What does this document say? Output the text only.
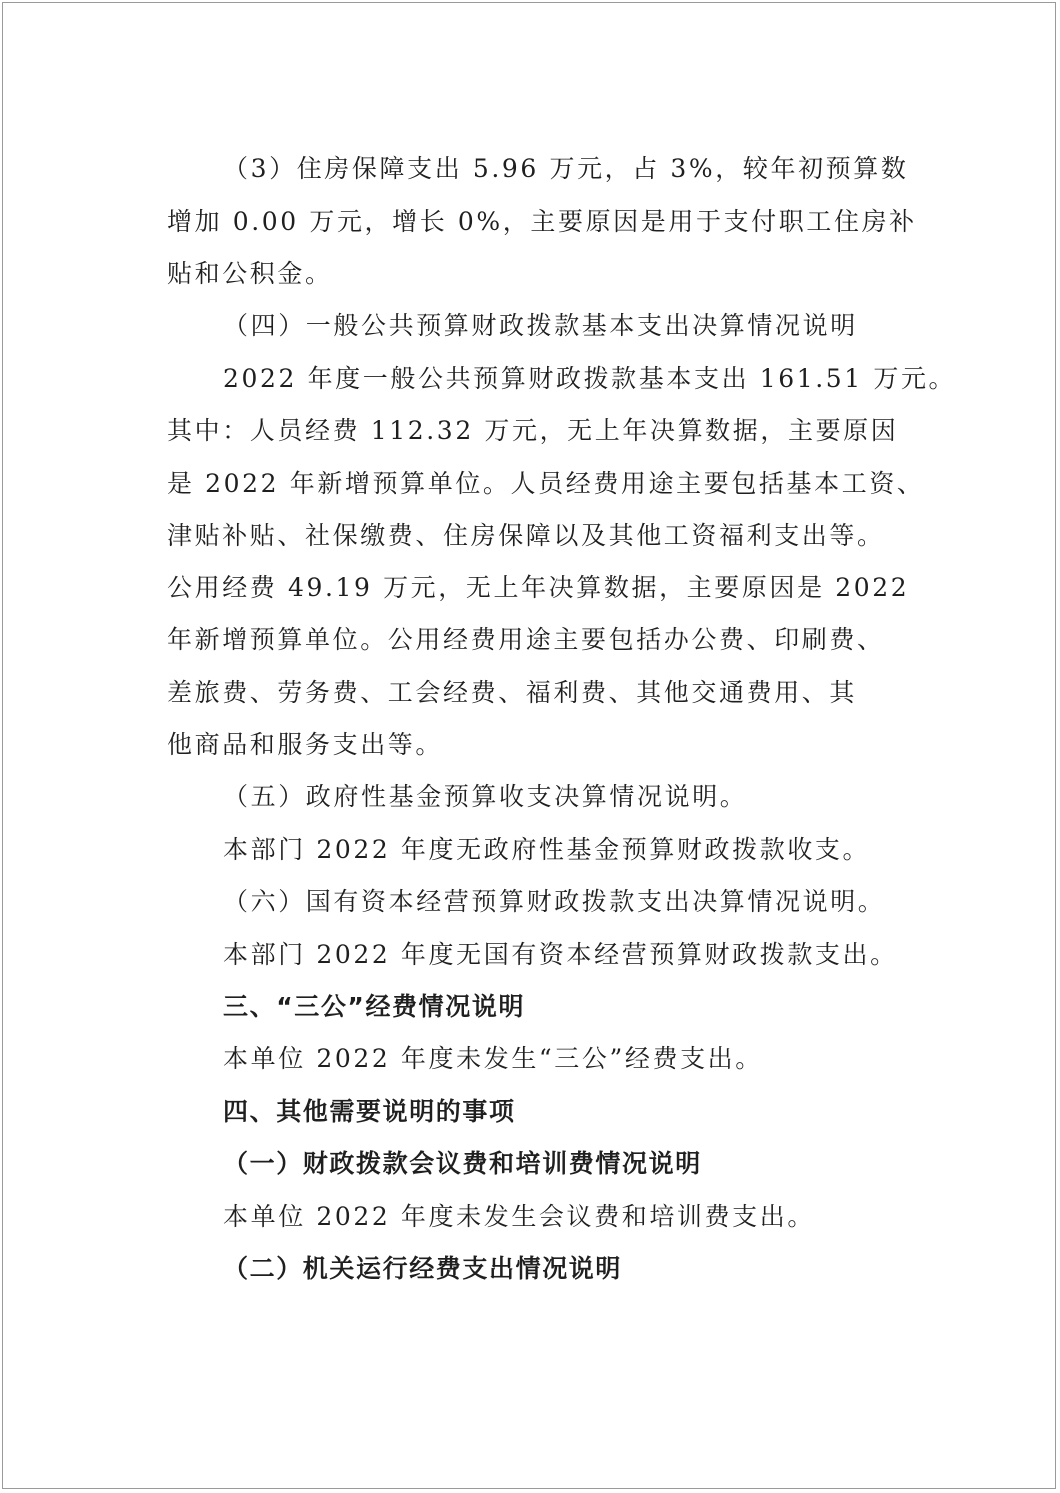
（3）住房保障支出 5.96 万元，占 3%，较年初预算数
增加 0.00 万元，增长 0%，主要原因是用于支付职工住房补
贴和公积金。
（四）一般公共预算财政拨款基本支出决算情况说明
2022 年度一般公共预算财政拨款基本支出 161.51 万元。
其中：人员经费 112.32 万元，无上年决算数据，主要原因
是 2022 年新增预算单位。人员经费用途主要包括基本工资、
津贴补贴、社保缴费、住房保障以及其他工资福利支出等。
公用经费 49.19 万元，无上年决算数据，主要原因是 2022
年新增预算单位。公用经费用途主要包括办公费、印刷费、
差旅费、劳务费、工会经费、福利费、其他交通费用、其
他商品和服务支出等。
（五）政府性基金预算收支决算情况说明。
本部门 2022 年度无政府性基金预算财政拨款收支。
（六）国有资本经营预算财政拨款支出决算情况说明。
本部门 2022 年度无国有资本经营预算财政拨款支出。
三、“三公”经费情况说明
本单位 2022 年度未发生“三公”经费支出。
四、其他需要说明的事项
（一）财政拨款会议费和培训费情况说明
本单位 2022 年度未发生会议费和培训费支出。
（二）机关运行经费支出情况说明
